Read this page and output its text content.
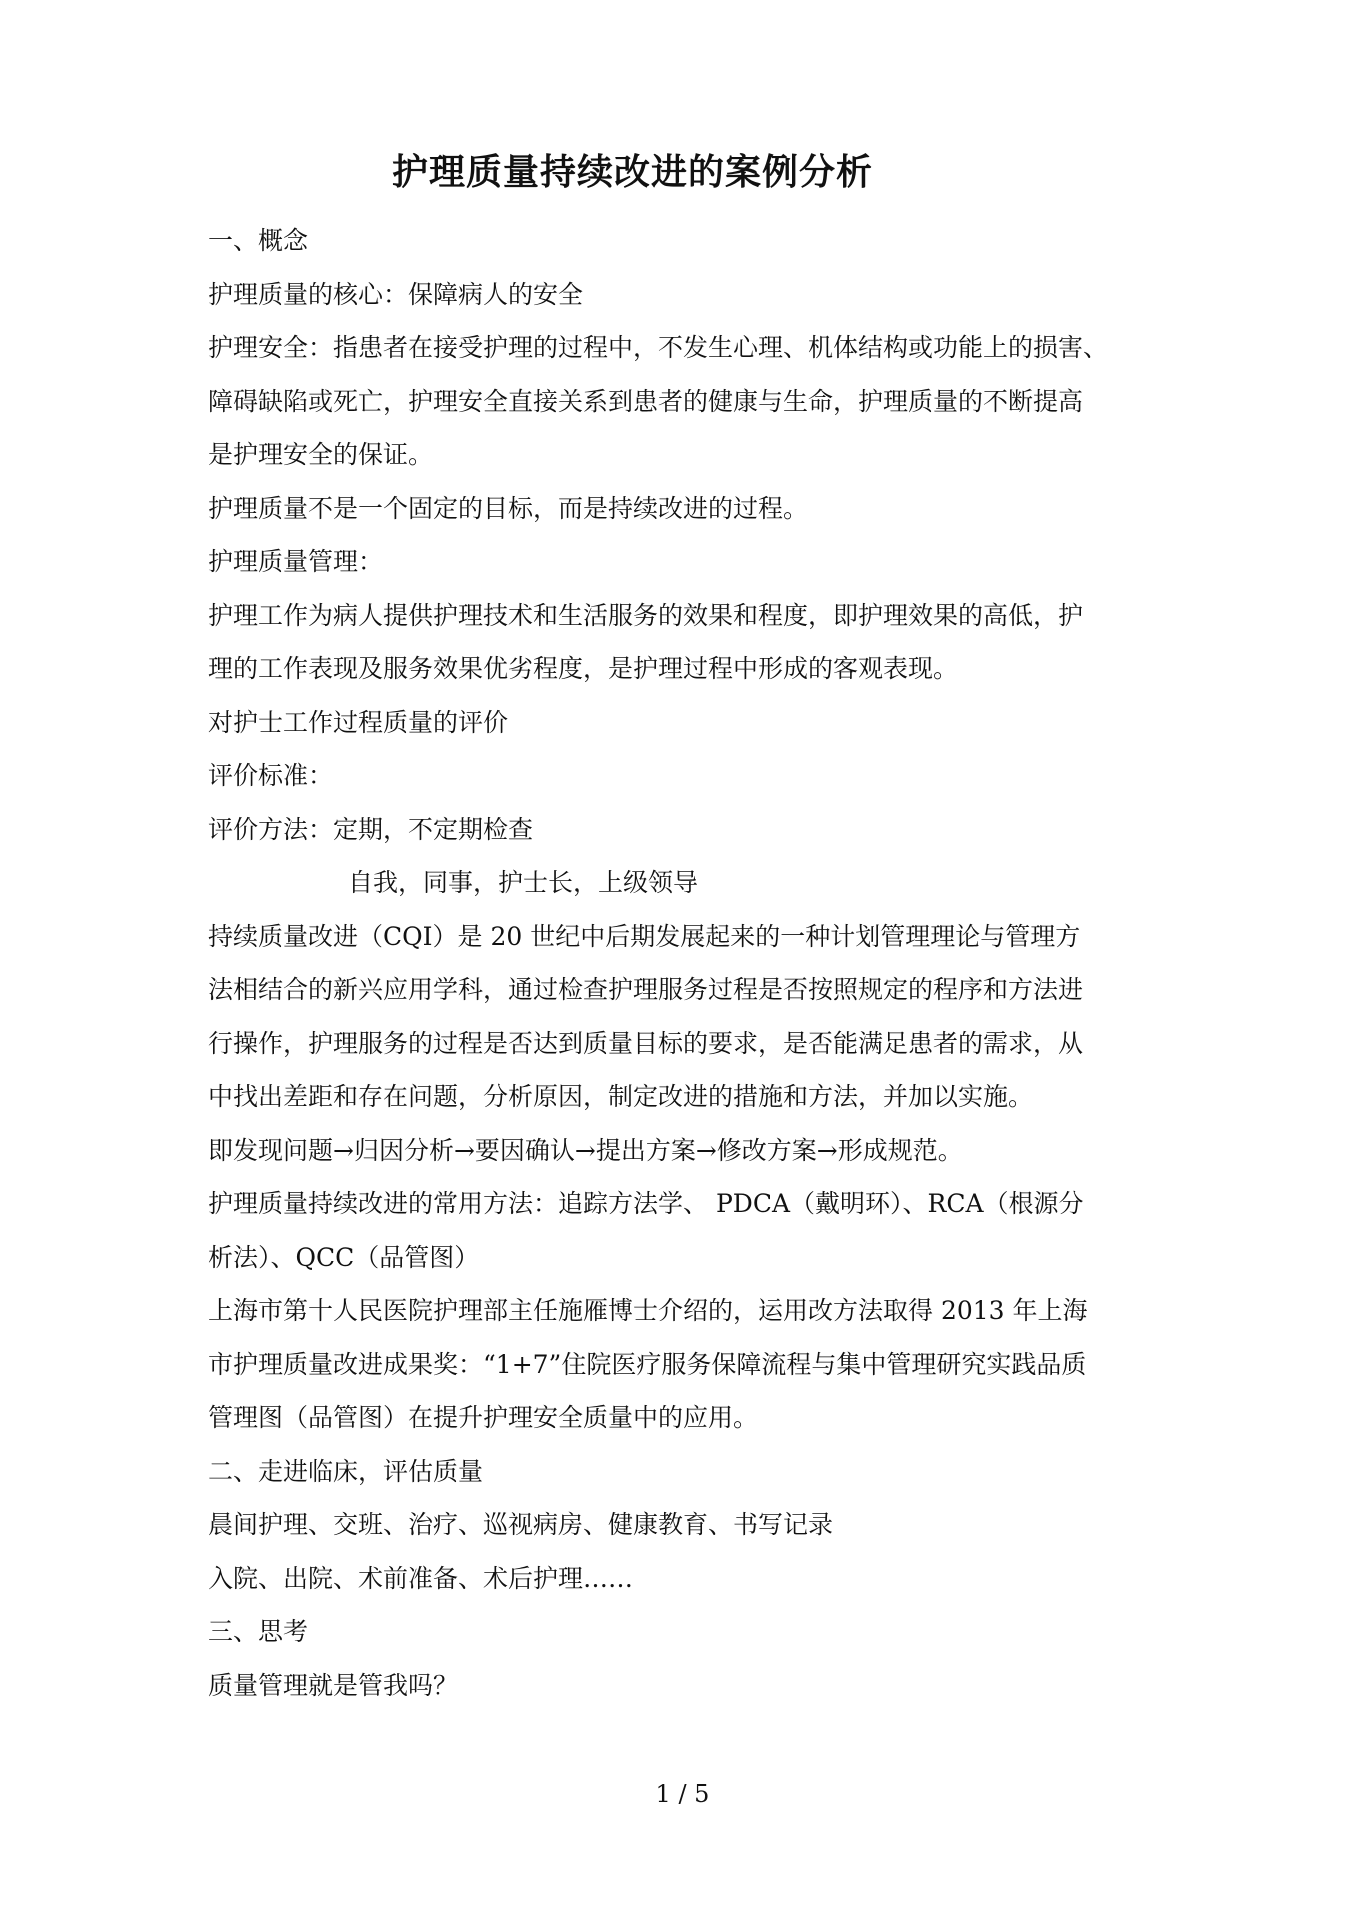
护理质量持续改进的案例分析
一、概念
护理质量的核心：保障病人的安全
护理安全：指患者在接受护理的过程中，不发生心理、机体结构或功能上的损害、
障碍缺陷或死亡，护理安全直接关系到患者的健康与生命，护理质量的不断提高
是护理安全的保证。
护理质量不是一个固定的目标，而是持续改进的过程。
护理质量管理：
护理工作为病人提供护理技术和生活服务的效果和程度，即护理效果的高低，护
理的工作表现及服务效果优劣程度，是护理过程中形成的客观表现。
对护士工作过程质量的评价
评价标准：
评价方法：定期，不定期检查
自我，同事，护士长，上级领导
持续质量改进（CQI）是 20 世纪中后期发展起来的一种计划管理理论与管理方
法相结合的新兴应用学科，通过检查护理服务过程是否按照规定的程序和方法进
行操作，护理服务的过程是否达到质量目标的要求，是否能满足患者的需求，从
中找出差距和存在问题，分析原因，制定改进的措施和方法，并加以实施。
即发现问题→归因分析→要因确认→提出方案→修改方案→形成规范。
护理质量持续改进的常用方法：追踪方法学、 PDCA（戴明环）、RCA（根源分
析法）、QCC（品管图）
上海市第十人民医院护理部主任施雁博士介绍的，运用改方法取得 2013 年上海
市护理质量改进成果奖：“1+7”住院医疗服务保障流程与集中管理研究实践品质
管理图（品管图）在提升护理安全质量中的应用。
二、走进临床，评估质量
晨间护理、交班、治疗、巡视病房、健康教育、书写记录
入院、出院、术前准备、术后护理……
三、思考
质量管理就是管我吗？
1 / 5
